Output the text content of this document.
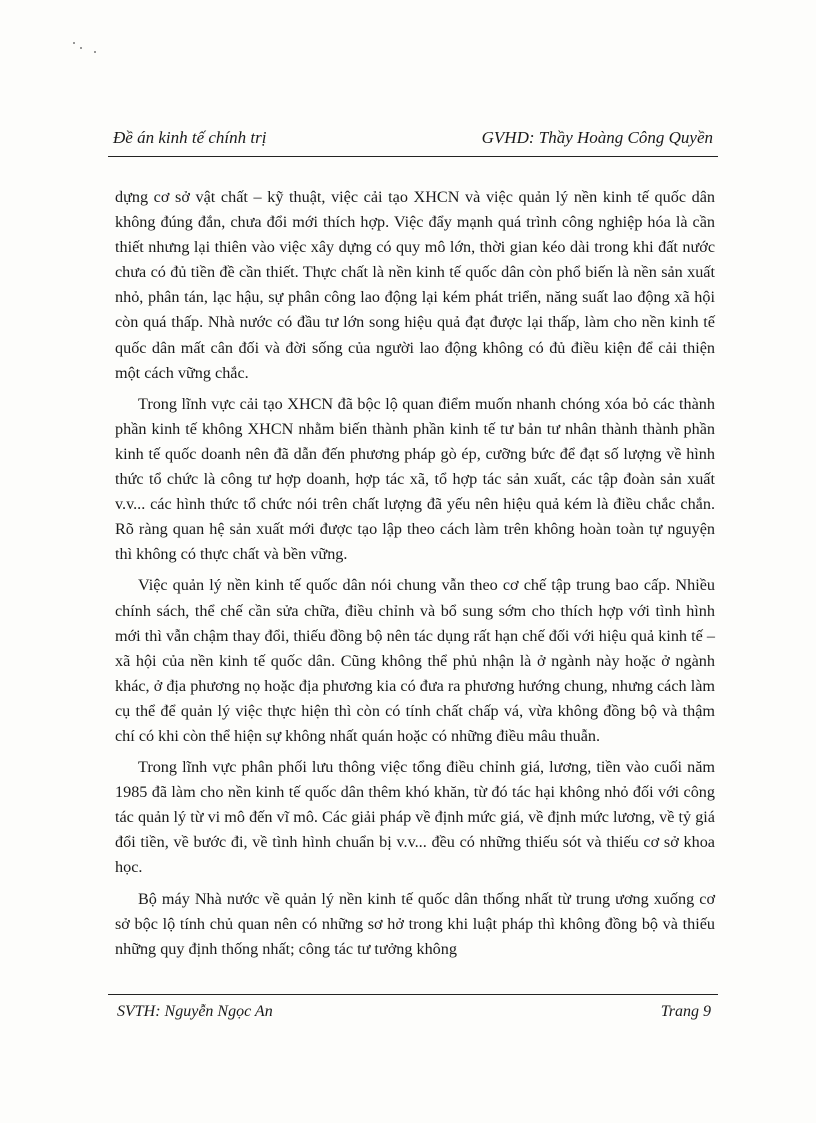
Đề án kinh tế chính trị	GVHD: Thầy Hoàng Công Quyền

dựng cơ sở vật chất – kỹ thuật, việc cải tạo XHCN và việc quản lý nền kinh tế quốc dân không đúng đắn, chưa đổi mới thích hợp. Việc đẩy mạnh quá trình công nghiệp hóa là cần thiết nhưng lại thiên vào việc xây dựng có quy mô lớn, thời gian kéo dài trong khi đất nước chưa có đủ tiền đề cần thiết. Thực chất là nền kinh tế quốc dân còn phổ biến là nền sản xuất nhỏ, phân tán, lạc hậu, sự phân công lao động lại kém phát triển, năng suất lao động xã hội còn quá thấp. Nhà nước có đầu tư lớn song hiệu quả đạt được lại thấp, làm cho nền kinh tế quốc dân mất cân đối và đời sống của người lao động không có đủ điều kiện để cải thiện một cách vững chắc.

Trong lĩnh vực cải tạo XHCN đã bộc lộ quan điểm muốn nhanh chóng xóa bỏ các thành phần kinh tế không XHCN nhằm biến thành phần kinh tế tư bản tư nhân thành thành phần kinh tế quốc doanh nên đã dẫn đến phương pháp gò ép, cưỡng bức để đạt số lượng về hình thức tổ chức là công tư hợp doanh, hợp tác xã, tổ hợp tác sản xuất, các tập đoàn sản xuất v.v... các hình thức tổ chức nói trên chất lượng đã yếu nên hiệu quả kém là điều chắc chắn. Rõ ràng quan hệ sản xuất mới được tạo lập theo cách làm trên không hoàn toàn tự nguyện thì không có thực chất và bền vững.

Việc quản lý nền kinh tế quốc dân nói chung vẫn theo cơ chế tập trung bao cấp. Nhiều chính sách, thể chế cần sửa chữa, điều chỉnh và bổ sung sớm cho thích hợp với tình hình mới thì vẫn chậm thay đổi, thiếu đồng bộ nên tác dụng rất hạn chế đối với hiệu quả kinh tế – xã hội của nền kinh tế quốc dân. Cũng không thể phủ nhận là ở ngành này hoặc ở ngành khác, ở địa phương nọ hoặc địa phương kia có đưa ra phương hướng chung, nhưng cách làm cụ thể để quản lý việc thực hiện thì còn có tính chất chấp vá, vừa không đồng bộ và thậm chí có khi còn thể hiện sự không nhất quán hoặc có những điều mâu thuẫn.

Trong lĩnh vực phân phối lưu thông việc tổng điều chỉnh giá, lương, tiền vào cuối năm 1985 đã làm cho nền kinh tế quốc dân thêm khó khăn, từ đó tác hại không nhỏ đối với công tác quản lý từ vi mô đến vĩ mô. Các giải pháp về định mức giá, về định mức lương, về tỷ giá đổi tiền, về bước đi, về tình hình chuẩn bị v.v... đều có những thiếu sót và thiếu cơ sở khoa học.

Bộ máy Nhà nước về quản lý nền kinh tế quốc dân thống nhất từ trung ương xuống cơ sở bộc lộ tính chủ quan nên có những sơ hở trong khi luật pháp thì không đồng bộ và thiếu những quy định thống nhất; công tác tư tưởng không

SVTH: Nguyễn Ngọc An	Trang 9
